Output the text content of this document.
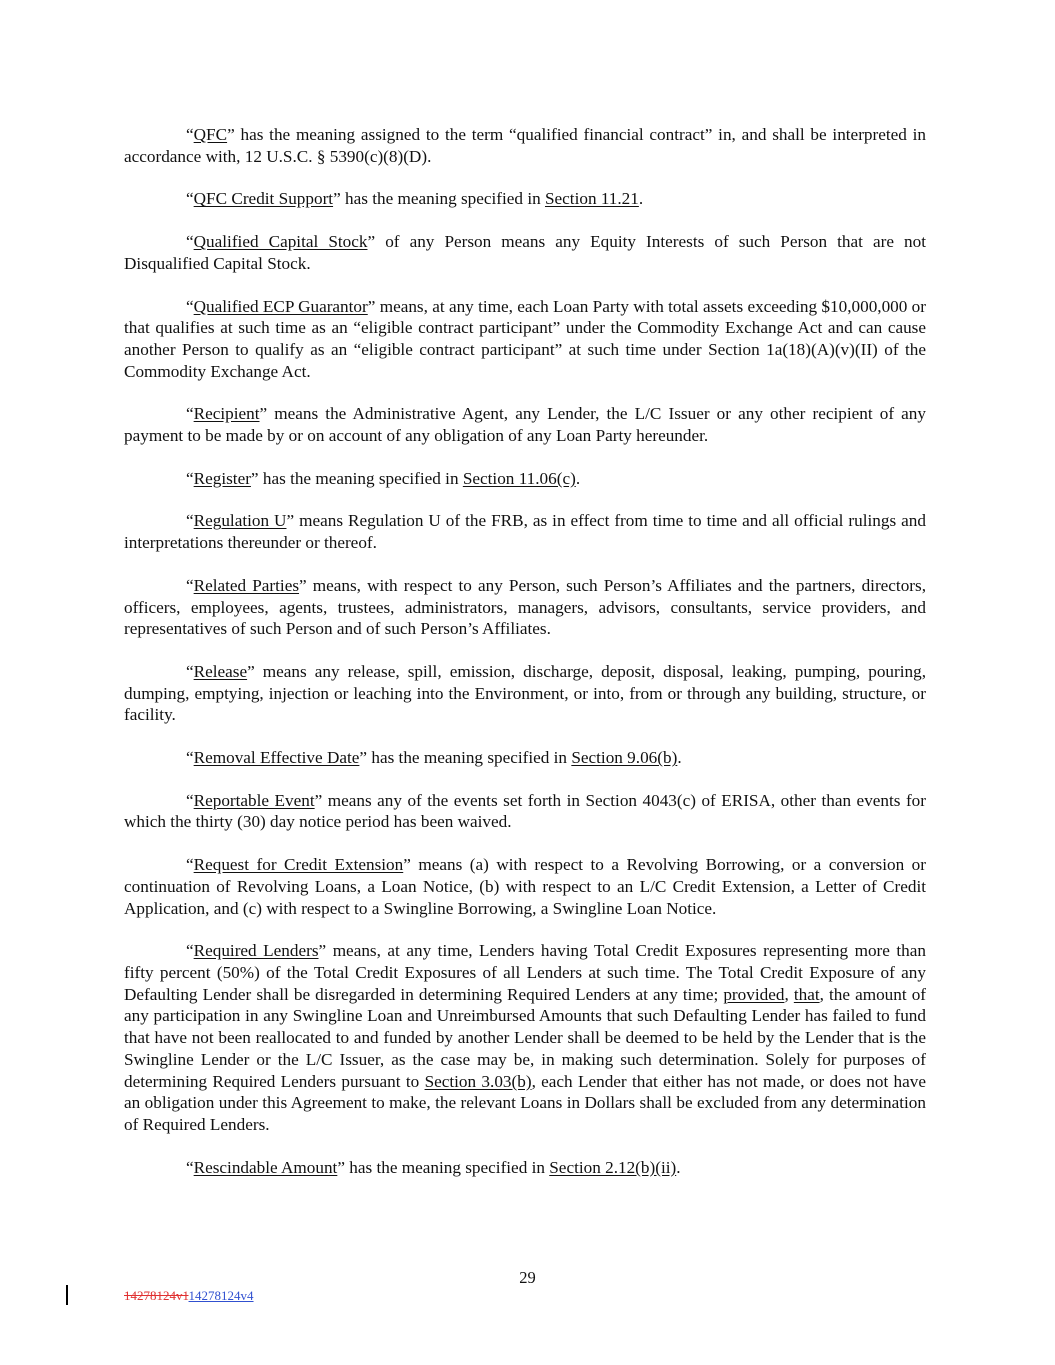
“QFC” has the meaning assigned to the term “qualified financial contract” in, and shall be interpreted in accordance with, 12 U.S.C. § 5390(c)(8)(D).

“QFC Credit Support” has the meaning specified in Section 11.21.

“Qualified Capital Stock” of any Person means any Equity Interests of such Person that are not Disqualified Capital Stock.

“Qualified ECP Guarantor” means, at any time, each Loan Party with total assets exceeding $10,000,000 or that qualifies at such time as an “eligible contract participant” under the Commodity Exchange Act and can cause another Person to qualify as an “eligible contract participant” at such time under Section 1a(18)(A)(v)(II) of the Commodity Exchange Act.

“Recipient” means the Administrative Agent, any Lender, the L/C Issuer or any other recipient of any payment to be made by or on account of any obligation of any Loan Party hereunder.

“Register” has the meaning specified in Section 11.06(c).

“Regulation U” means Regulation U of the FRB, as in effect from time to time and all official rulings and interpretations thereunder or thereof.

“Related Parties” means, with respect to any Person, such Person’s Affiliates and the partners, directors, officers, employees, agents, trustees, administrators, managers, advisors, consultants, service providers, and representatives of such Person and of such Person’s Affiliates.

“Release” means any release, spill, emission, discharge, deposit, disposal, leaking, pumping, pouring, dumping, emptying, injection or leaching into the Environment, or into, from or through any building, structure, or facility.

“Removal Effective Date” has the meaning specified in Section 9.06(b).

“Reportable Event” means any of the events set forth in Section 4043(c) of ERISA, other than events for which the thirty (30) day notice period has been waived.

“Request for Credit Extension” means (a) with respect to a Revolving Borrowing, or a conversion or continuation of Revolving Loans, a Loan Notice, (b) with respect to an L/C Credit Extension, a Letter of Credit Application, and (c) with respect to a Swingline Borrowing, a Swingline Loan Notice.

“Required Lenders” means, at any time, Lenders having Total Credit Exposures representing more than fifty percent (50%) of the Total Credit Exposures of all Lenders at such time. The Total Credit Exposure of any Defaulting Lender shall be disregarded in determining Required Lenders at any time; provided, that, the amount of any participation in any Swingline Loan and Unreimbursed Amounts that such Defaulting Lender has failed to fund that have not been reallocated to and funded by another Lender shall be deemed to be held by the Lender that is the Swingline Lender or the L/C Issuer, as the case may be, in making such determination. Solely for purposes of determining Required Lenders pursuant to Section 3.03(b), each Lender that either has not made, or does not have an obligation under this Agreement to make, the relevant Loans in Dollars shall be excluded from any determination of Required Lenders.

“Rescindable Amount” has the meaning specified in Section 2.12(b)(ii).

29
14278124v114278124v4
